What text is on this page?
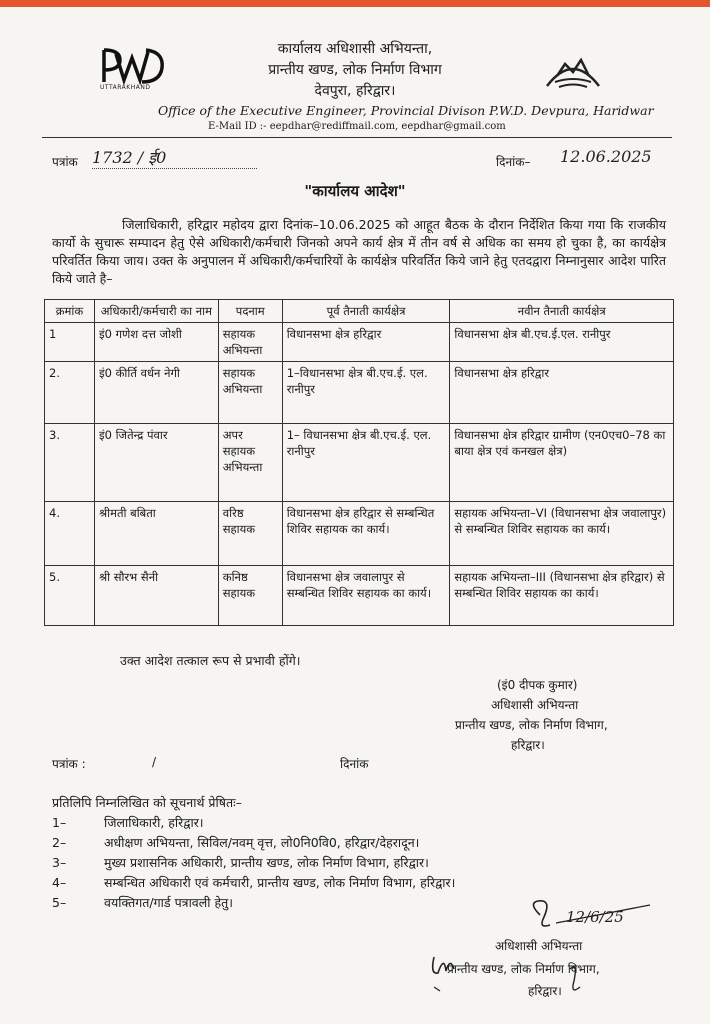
UTTARAKHAND
कार्यालय अधिशासी अभियन्ता,
प्रान्तीय खण्ड, लोक निर्माण विभाग
देवपुरा, हरिद्वार।
Office of the Executive Engineer, Provincial Divison P.W.D. Devpura, Haridwar
E-Mail ID :- eepdhar@rediffmail.com, eepdhar@gmail.com
पत्रांक 1732 / ई0	दिनांक– 12.06.2025
"कार्यालय आदेश"
जिलाधिकारी, हरिद्वार महोदय द्वारा दिनांक–10.06.2025 को आहूत बैठक के दौरान निर्देशित किया गया कि राजकीय कार्यो के सुचारू सम्पादन हेतु ऐसे अधिकारी/कर्मचारी जिनको अपने कार्य क्षेत्र में तीन वर्ष से अधिक का समय हो चुका है, का कार्यक्षेत्र परिवर्तित किया जाय। उक्त के अनुपालन में अधिकारी/कर्मचारियों के कार्यक्षेत्र परिवर्तित किये जाने हेतु एतदद्वारा निम्नानुसार आदेश पारित किये जाते है–
क्रमांक	अधिकारी/कर्मचारी का नाम	पदनाम	पूर्व तैनाती कार्यक्षेत्र	नवीन तैनाती कार्यक्षेत्र
1	इं0 गणेश दत्त जोशी	सहायक अभियन्ता	विधानसभा क्षेत्र हरिद्वार	विधानसभा क्षेत्र बी.एच.ई.एल. रानीपुर
2.	इं0 कीर्ति वर्धन नेगी	सहायक अभियन्ता	1–विधानसभा क्षेत्र बी.एच.ई. एल. रानीपुर	विधानसभा क्षेत्र हरिद्वार
3.	इं0 जितेन्द्र पंवार	अपर सहायक अभियन्ता	1– विधानसभा क्षेत्र बी.एच.ई. एल. रानीपुर	विधानसभा क्षेत्र हरिद्वार ग्रामीण (एन0एच0–78 का बाया क्षेत्र एवं कनखल क्षेत्र)
4.	श्रीमती बबिता	वरिष्ठ सहायक	विधानसभा क्षेत्र हरिद्वार से सम्बन्धित शिविर सहायक का कार्य।	सहायक अभियन्ता–VI (विधानसभा क्षेत्र जवालापुर) से सम्बन्धित शिविर सहायक का कार्य।
5.	श्री सौरभ सैनी	कनिष्ठ सहायक	विधानसभा क्षेत्र जवालापुर से सम्बन्धित शिविर सहायक का कार्य।	सहायक अभियन्ता–III (विधानसभा क्षेत्र हरिद्वार) से सम्बन्धित शिविर सहायक का कार्य।
उक्त आदेश तत्काल रूप से प्रभावी होंगे।
(इं0 दीपक कुमार)
अधिशासी अभियन्ता
प्रान्तीय खण्ड, लोक निर्माण विभाग,
हरिद्वार।
पत्रांक :	/	दिनांक
प्रतिलिपि निम्नलिखित को सूचनार्थ प्रेषितः–
1–	जिलाधिकारी, हरिद्वार।
2–	अधीक्षण अभियन्ता, सिविल/नवम् वृत्त, लो0नि0वि0, हरिद्वार/देहरादून।
3–	मुख्य प्रशासनिक अधिकारी, प्रान्तीय खण्ड, लोक निर्माण विभाग, हरिद्वार।
4–	सम्बन्धित अधिकारी एवं कर्मचारी, प्रान्तीय खण्ड, लोक निर्माण विभाग, हरिद्वार।
5–	वयक्तिगत/गार्ड पत्रावली हेतु।
12/6/25
अधिशासी अभियन्ता
प्रान्तीय खण्ड, लोक निर्माण विभाग,
हरिद्वार।
